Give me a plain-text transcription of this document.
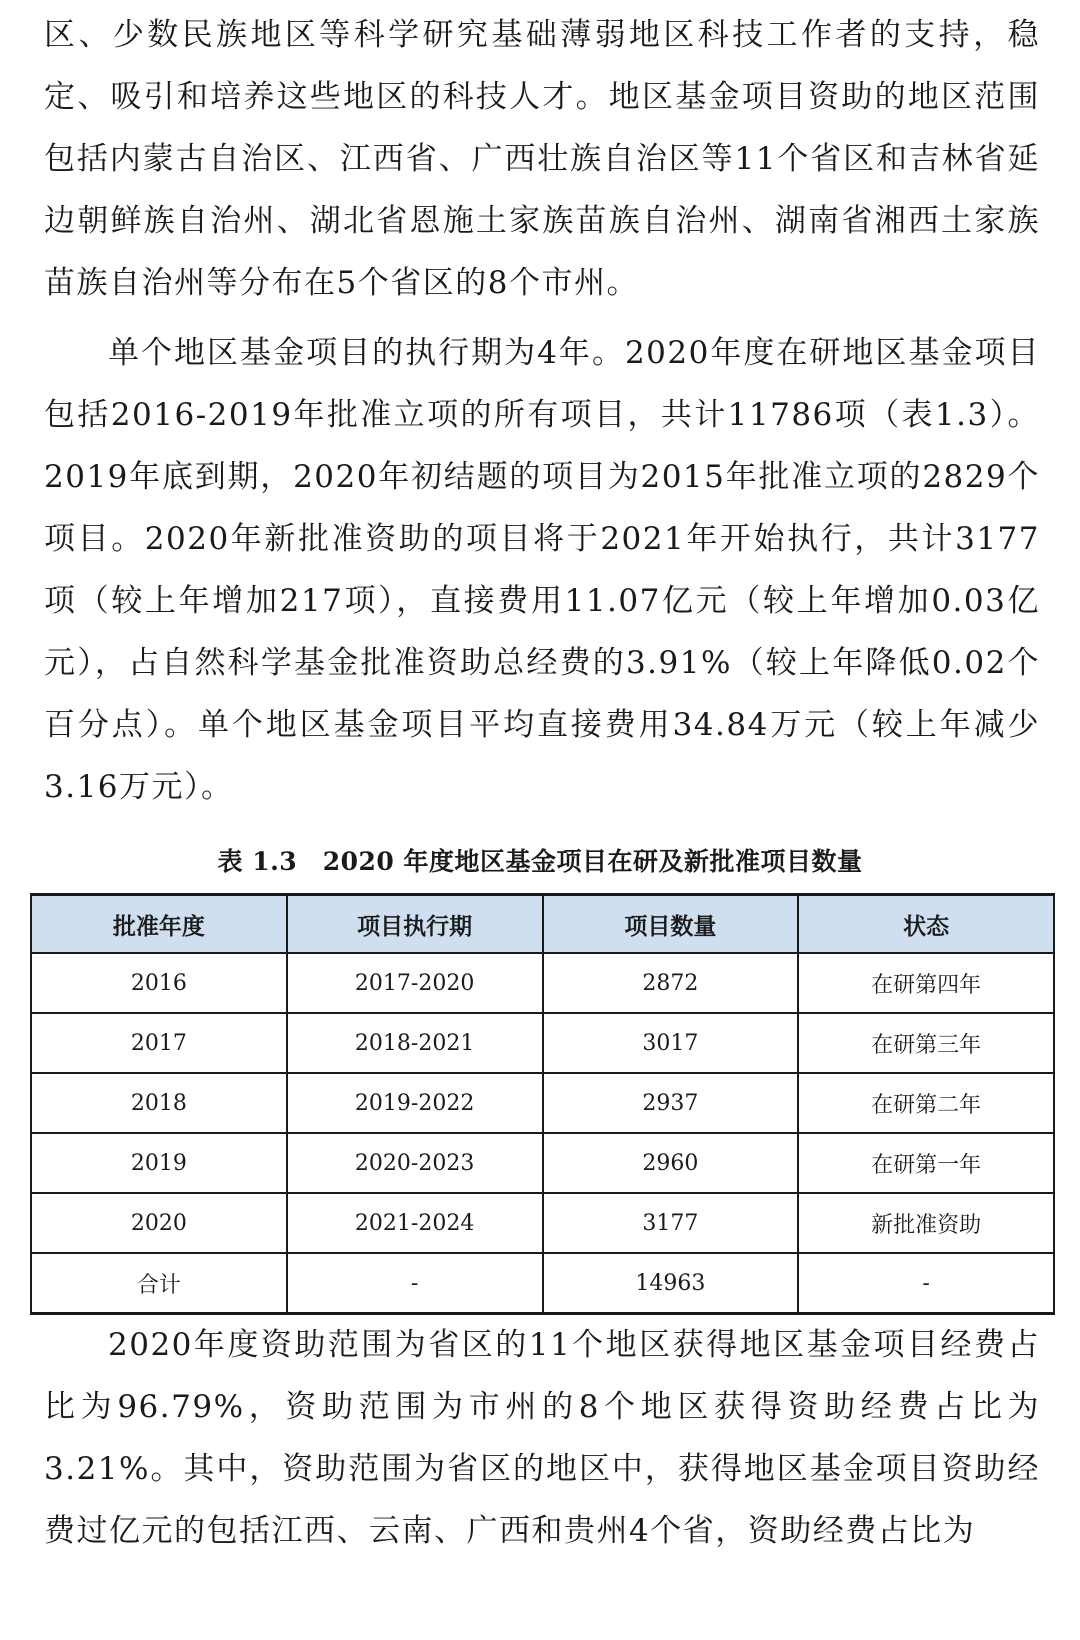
区、少数民族地区等科学研究基础薄弱地区科技工作者的支持，稳定、吸引和培养这些地区的科技人才。地区基金项目资助的地区范围包括内蒙古自治区、江西省、广西壮族自治区等11个省区和吉林省延边朝鲜族自治州、湖北省恩施土家族苗族自治州、湖南省湘西土家族苗族自治州等分布在5个省区的8个市州。

单个地区基金项目的执行期为4年。2020年度在研地区基金项目包括2016-2019年批准立项的所有项目，共计11786项（表1.3）。2019年底到期，2020年初结题的项目为2015年批准立项的2829个项目。2020年新批准资助的项目将于2021年开始执行，共计3177项（较上年增加217项），直接费用11.07亿元（较上年增加0.03亿元），占自然科学基金批准资助总经费的3.91%（较上年降低0.02个百分点）。单个地区基金项目平均直接费用34.84万元（较上年减少3.16万元）。

表 1.3　2020 年度地区基金项目在研及新批准项目数量
批准年度	项目执行期	项目数量	状态
2016	2017-2020	2872	在研第四年
2017	2018-2021	3017	在研第三年
2018	2019-2022	2937	在研第二年
2019	2020-2023	2960	在研第一年
2020	2021-2024	3177	新批准资助
合计	-	14963	-

2020年度资助范围为省区的11个地区获得地区基金项目经费占比为96.79%，资助范围为市州的8个地区获得资助经费占比为3.21%。其中，资助范围为省区的地区中，获得地区基金项目资助经费过亿元的包括江西、云南、广西和贵州4个省，资助经费占比为
